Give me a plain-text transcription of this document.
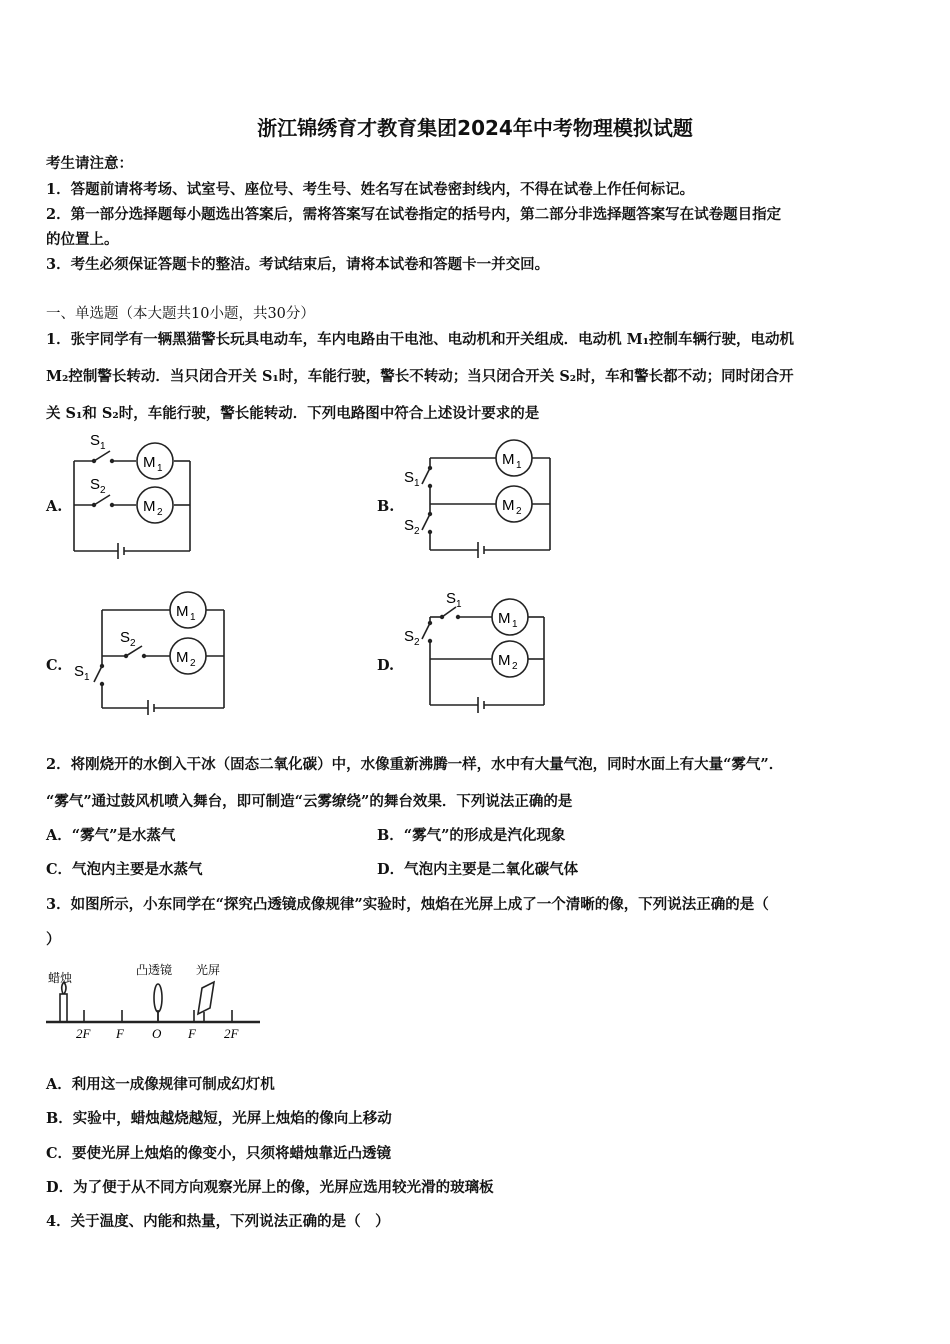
浙江锦绣育才教育集团2024年中考物理模拟试题
考生请注意：
1．答题前请将考场、试室号、座位号、考生号、姓名写在试卷密封线内，不得在试卷上作任何标记。
2．第一部分选择题每小题选出答案后，需将答案写在试卷指定的括号内，第二部分非选择题答案写在试卷题目指定
的位置上。
3．考生必须保证答题卡的整洁。考试结束后，请将本试卷和答题卡一并交回。
一、单选题（本大题共10小题，共30分）
1．张宇同学有一辆黑猫警长玩具电动车，车内电路由干电池、电动机和开关组成．电动机 M₁控制车辆行驶，电动机
M₂控制警长转动．当只闭合开关 S₁时，车能行驶，警长不转动；当只闭合开关 S₂时，车和警长都不动；同时闭合开
关 S₁和 S₂时，车能行驶，警长能转动．下列电路图中符合上述设计要求的是
A.	B.
C.	D.
S 1
S 2
M 1
M 2
S 1
S 2
M 1
M 2
S 2
S 1
M 1
M 2
S 1
S 2
M 1
M 2
2．将刚烧开的水倒入干冰（固态二氧化碳）中，水像重新沸腾一样，水中有大量气泡，同时水面上有大量“雾气”．
“雾气”通过鼓风机喷入舞台，即可制造“云雾缭绕”的舞台效果．下列说法正确的是
A．“雾气”是水蒸气	B．“雾气”的形成是汽化现象
C．气泡内主要是水蒸气	D．气泡内主要是二氧化碳气体
3．如图所示，小东同学在“探究凸透镜成像规律”实验时，烛焰在光屏上成了一个清晰的像，下列说法正确的是（
）
蜡烛
凸透镜 光屏
2F F O F 2F
A．利用这一成像规律可制成幻灯机
B．实验中，蜡烛越烧越短，光屏上烛焰的像向上移动
C．要使光屏上烛焰的像变小，只须将蜡烛靠近凸透镜
D．为了便于从不同方向观察光屏上的像，光屏应选用较光滑的玻璃板
4．关于温度、内能和热量，下列说法正确的是（　）
